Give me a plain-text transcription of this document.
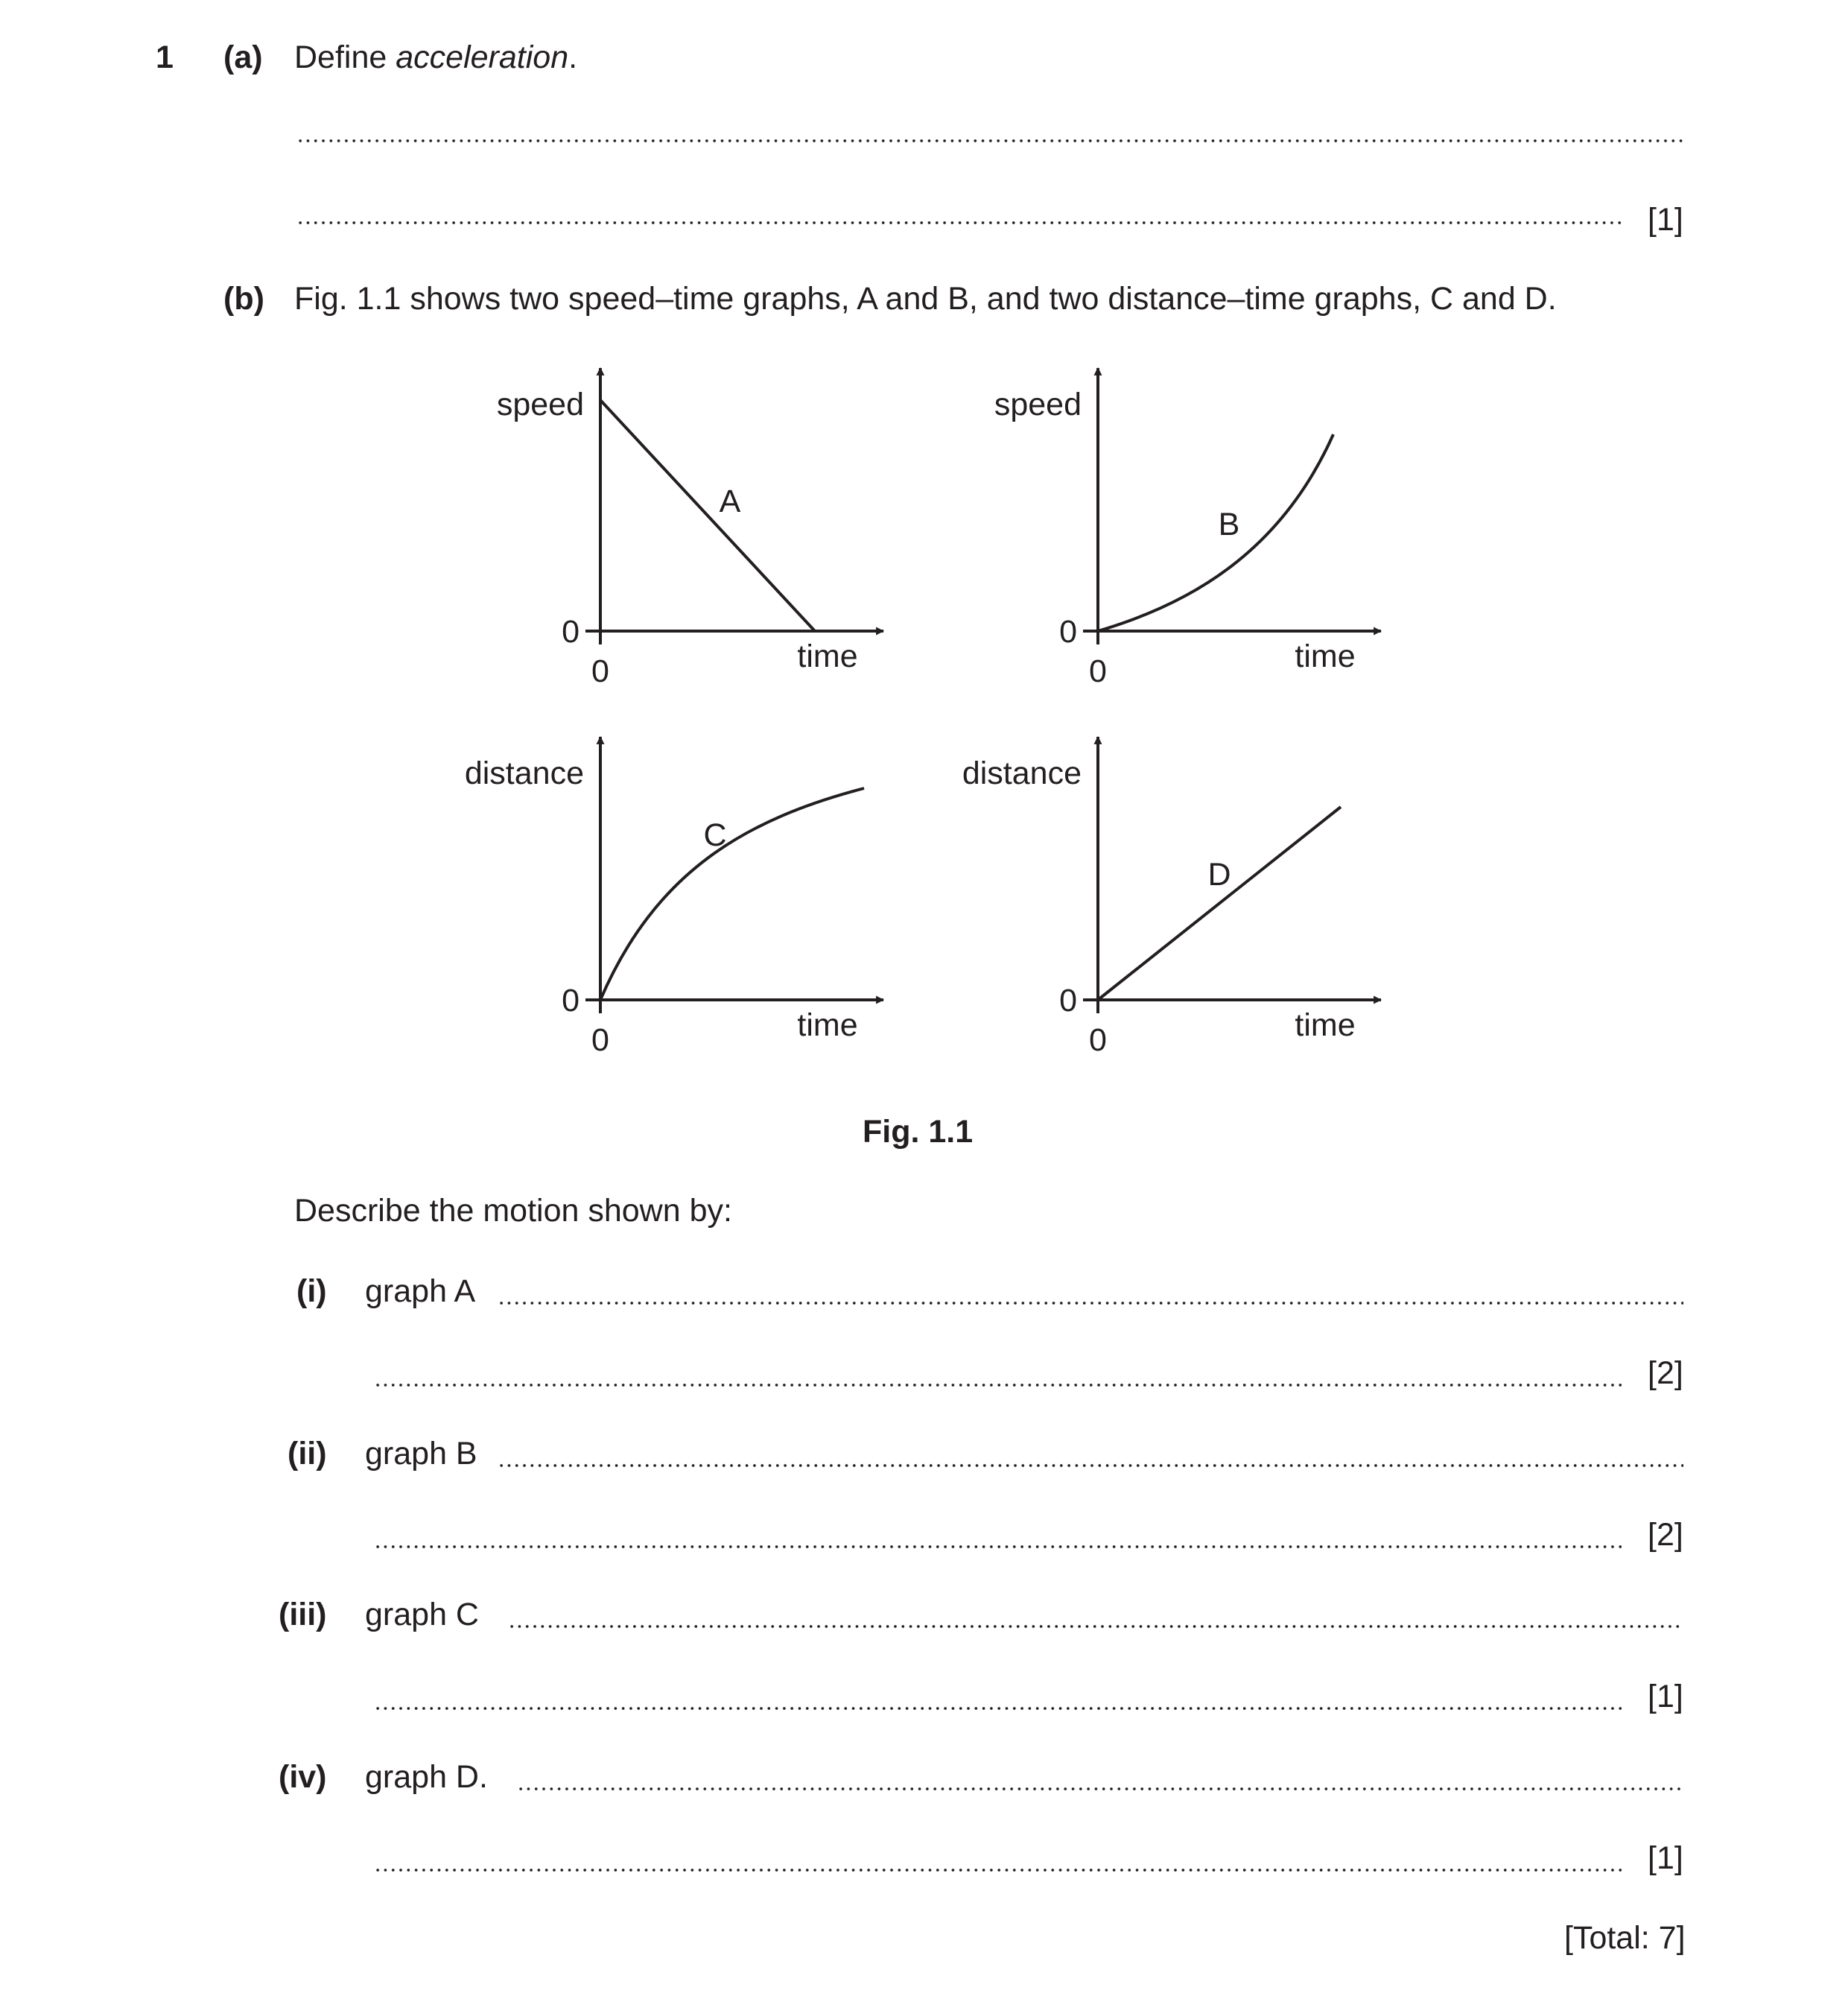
1 (a) Define acceleration.
[1]
(b) Fig. 1.1 shows two speed–time graphs, A and B, and two distance–time graphs, C and D.
speed
time
0
0
A
speed
time
0
0
B
distance
time
0
0
C
distance
time
0
0
D
Fig. 1.1
Describe the motion shown by:
(i) graph A
[2]
(ii) graph B
[2]
(iii) graph C
[1]
(iv) graph D.
[1]
[Total: 7]
